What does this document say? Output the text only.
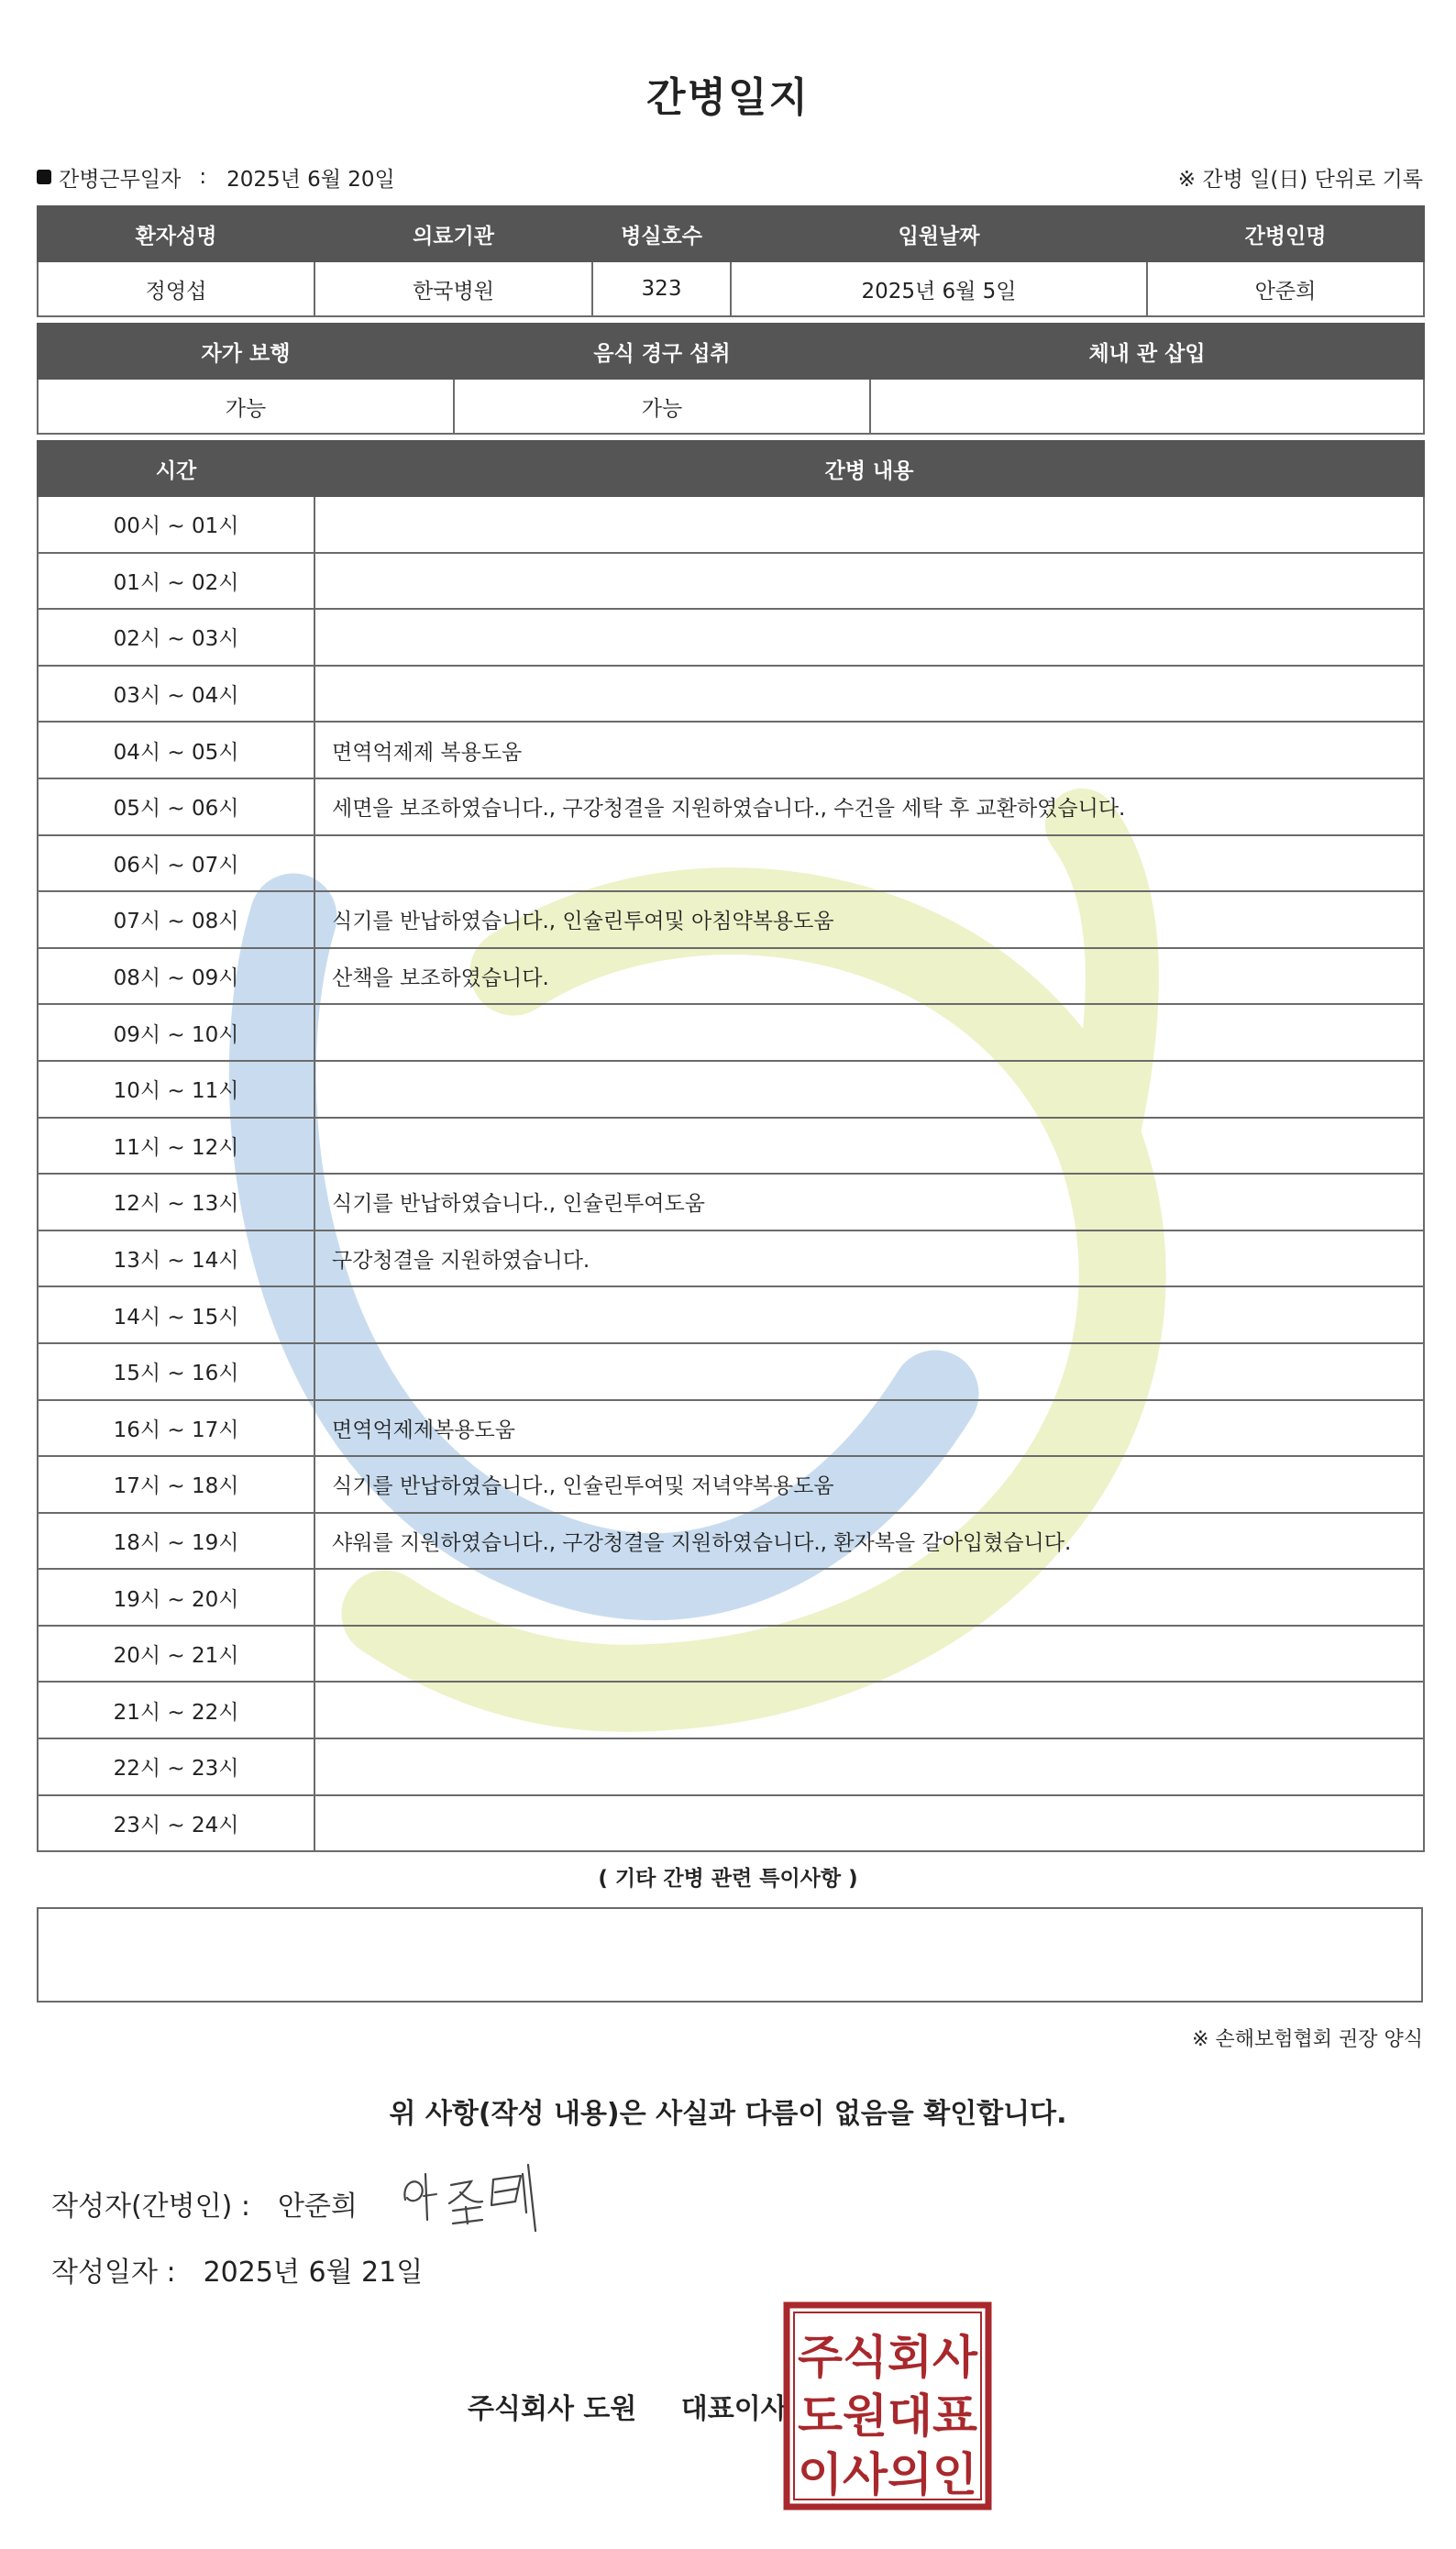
간병일지
간병근무일자 : 2025년 6월 20일	※ 간병 일(日) 단위로 기록
환자성명	의료기관	병실호수	입원날짜	간병인명
정영섭	한국병원	323	2025년 6월 5일	안준희
자가 보행	음식 경구 섭취	체내 관 삽입
가능	가능	
시간	간병 내용
00시 ~ 01시	
01시 ~ 02시	
02시 ~ 03시	
03시 ~ 04시	
04시 ~ 05시	면역억제제 복용도움
05시 ~ 06시	세면을 보조하였습니다., 구강청결을 지원하였습니다., 수건을 세탁 후 교환하였습니다.
06시 ~ 07시	
07시 ~ 08시	식기를 반납하였습니다., 인슐린투여및 아침약복용도움
08시 ~ 09시	산책을 보조하였습니다.
09시 ~ 10시	
10시 ~ 11시	
11시 ~ 12시	
12시 ~ 13시	식기를 반납하였습니다., 인슐린투여도움
13시 ~ 14시	구강청결을 지원하였습니다.
14시 ~ 15시	
15시 ~ 16시	
16시 ~ 17시	면역억제제복용도움
17시 ~ 18시	식기를 반납하였습니다., 인슐린투여및 저녁약복용도움
18시 ~ 19시	샤워를 지원하였습니다., 구강청결을 지원하였습니다., 환자복을 갈아입혔습니다.
19시 ~ 20시	
20시 ~ 21시	
21시 ~ 22시	
22시 ~ 23시	
23시 ~ 24시	
( 기타 간병 관련 특이사항 )
※ 손해보험협회 권장 양식
위 사항(작성 내용)은 사실과 다름이 없음을 확인합니다.
작성자(간병인) : 안준희
작성일자 : 2025년 6월 21일
주식회사 도원 대표이사
주식회사
도원대표
이사의인
